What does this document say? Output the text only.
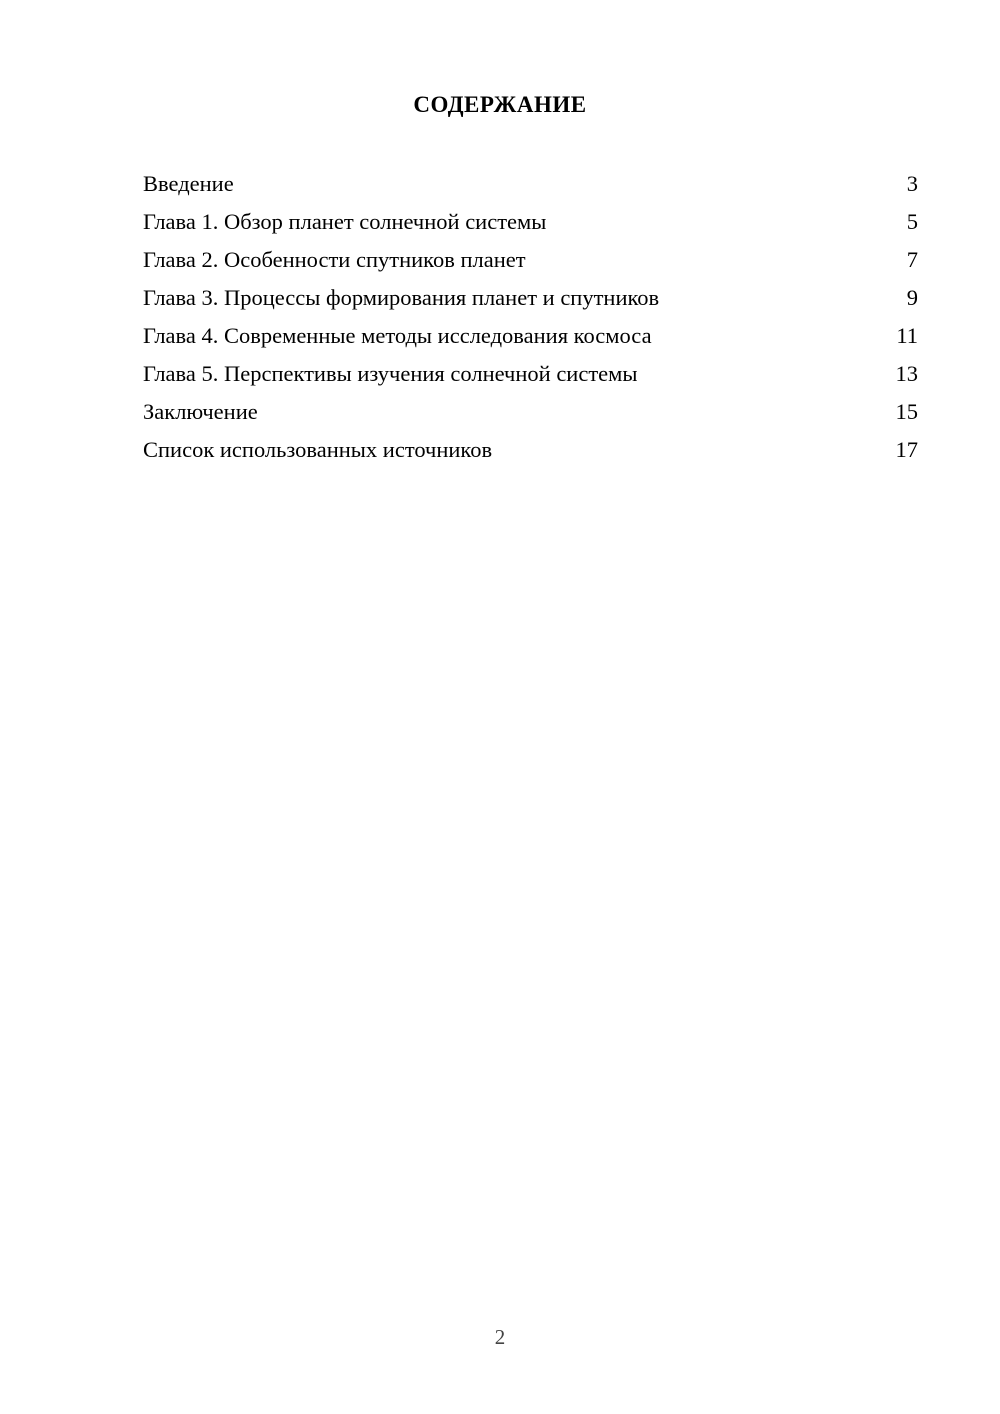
СОДЕРЖАНИЕ
Введение	3
Глава 1. Обзор планет солнечной системы	5
Глава 2. Особенности спутников планет	7
Глава 3. Процессы формирования планет и спутников	9
Глава 4. Современные методы исследования космоса	11
Глава 5. Перспективы изучения солнечной системы	13
Заключение	15
Список использованных источников	17
2
